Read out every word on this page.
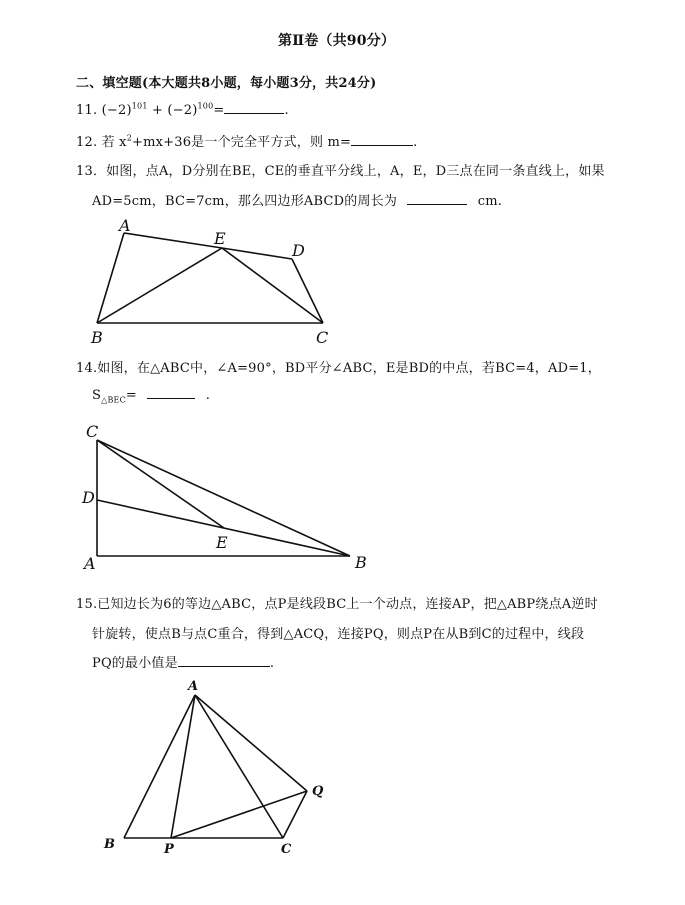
第Ⅱ卷（共90分）
二、填空题(本大题共8小题，每小题3分，共24分)
11. $(-2)^{101} + (-2)^{100}=$	.
12. 若 $x^2+mx+36$是一个完全平方式，则 m=	.
13．如图，点A，D分别在BE，CE的垂直平分线上，A，E，D三点在同一条直线上，如果
AD=5cm，BC=7cm，那么四边形ABCD的周长为	cm.
A
E
D
B	C
14.如图，在△ABC中，∠A=90°，BD平分∠ABC，E是BD的中点，若BC=4，AD=1，
$S_{\triangle BEC}=$	.
C
D
E
A	B
15.已知边长为6的等边△ABC，点P是线段BC上一个动点，连接AP，把△ABP绕点A逆时
针旋转，使点B与点C重合，得到△ACQ，连接PQ，则点P在从B到C的过程中，线段
PQ的最小值是	.
A
B	P	C
Q
